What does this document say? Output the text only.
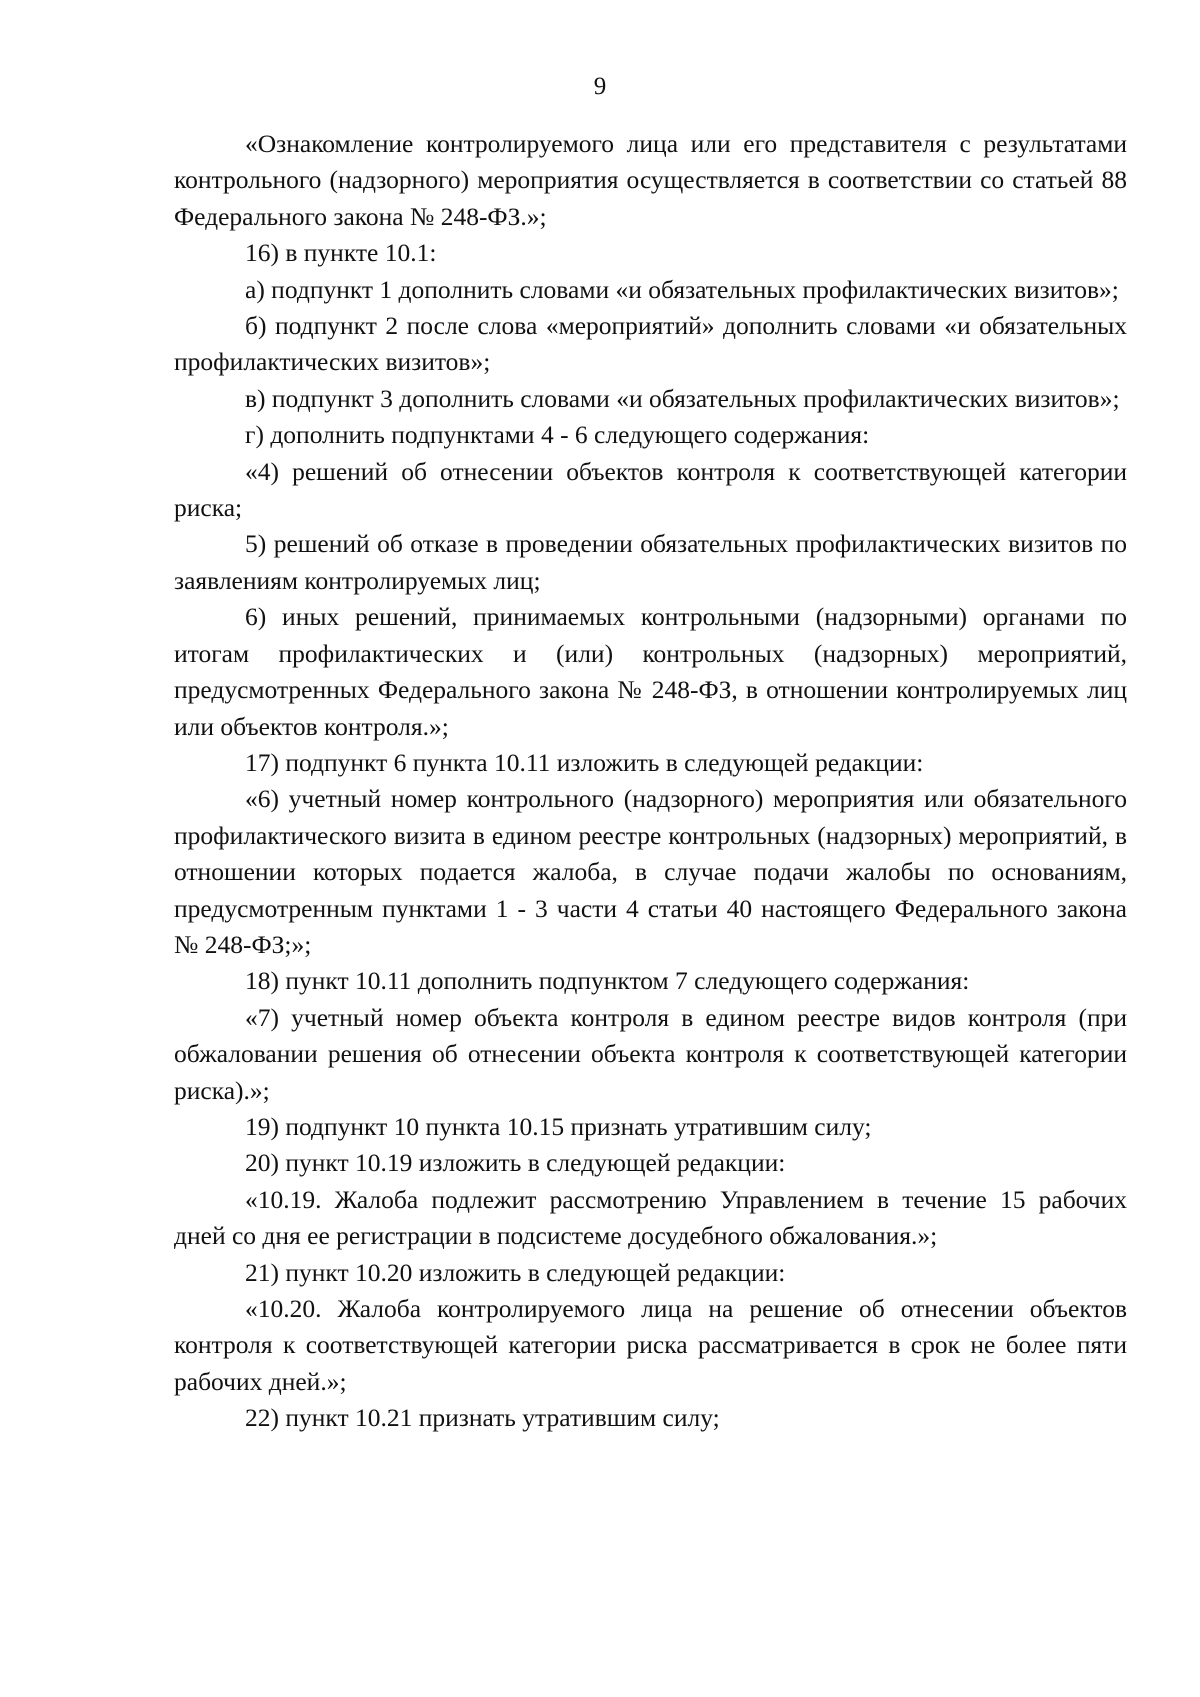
9

«Ознакомление контролируемого лица или его представителя с результатами контрольного (надзорного) мероприятия осуществляется в соответствии со статьей 88 Федерального закона № 248-ФЗ.»;

16) в пункте 10.1:

а) подпункт 1 дополнить словами «и обязательных профилактических визитов»;

б) подпункт 2 после слова «мероприятий» дополнить словами «и обязательных профилактических визитов»;

в) подпункт 3 дополнить словами «и обязательных профилактических визитов»;

г) дополнить подпунктами 4 - 6 следующего содержания:

«4) решений об отнесении объектов контроля к соответствующей категории риска;

5) решений об отказе в проведении обязательных профилактических визитов по заявлениям контролируемых лиц;

6) иных решений, принимаемых контрольными (надзорными) органами по итогам профилактических и (или) контрольных (надзорных) мероприятий, предусмотренных Федерального закона № 248-ФЗ, в отношении контролируемых лиц или объектов контроля.»;

17) подпункт 6 пункта 10.11 изложить в следующей редакции:

«6) учетный номер контрольного (надзорного) мероприятия или обязательного профилактического визита в едином реестре контрольных (надзорных) мероприятий, в отношении которых подается жалоба, в случае подачи жалобы по основаниям, предусмотренным пунктами 1 - 3 части 4 статьи 40 настоящего Федерального закона № 248-ФЗ;»;

18) пункт 10.11 дополнить подпунктом 7 следующего содержания:

«7) учетный номер объекта контроля в едином реестре видов контроля (при обжаловании решения об отнесении объекта контроля к соответствующей категории риска).»;

19) подпункт 10 пункта 10.15 признать утратившим силу;

20) пункт 10.19 изложить в следующей редакции:

«10.19. Жалоба подлежит рассмотрению Управлением в течение 15 рабочих дней со дня ее регистрации в подсистеме досудебного обжалования.»;

21) пункт 10.20 изложить в следующей редакции:

«10.20. Жалоба контролируемого лица на решение об отнесении объектов контроля к соответствующей категории риска рассматривается в срок не более пяти рабочих дней.»;

22) пункт 10.21 признать утратившим силу;
